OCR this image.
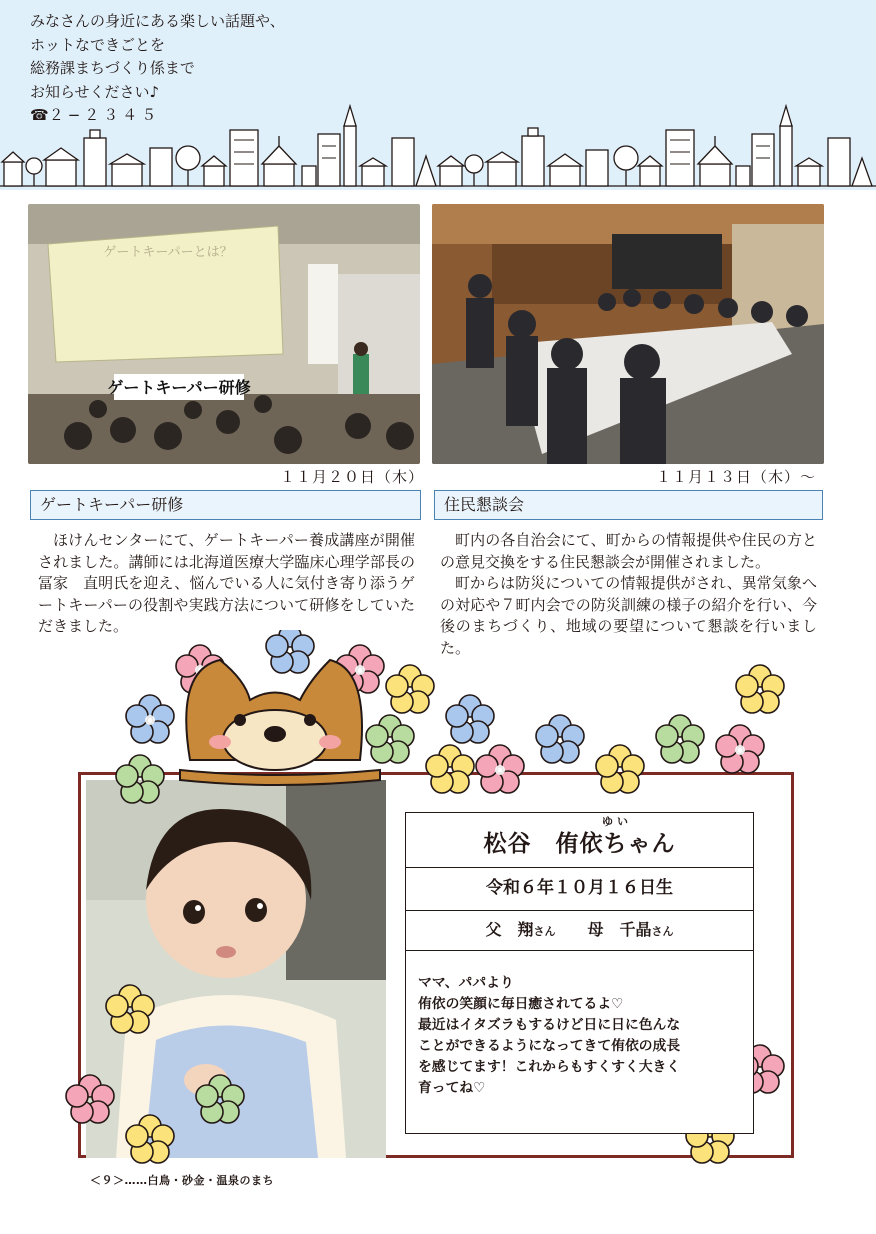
みなさんの身近にある楽しい話題や、
ホットなできごとを
総務課まちづくり係まで
お知らせください♪
☎２−２３４５
ゲートキーパー研修
ゲートキーパーとは？
１１月２０日（木）	１１月１３日（木）〜
ゲートキーパー研修	住民懇談会

ほけんセンターにて、ゲートキーパー養成講座が開催されました。講師には北海道医療大学臨床心理学部長の冨家　直明氏を迎え、悩んでいる人に気付き寄り添うゲートキーパーの役割や実践方法について研修をしていただきました。

町内の各自治会にて、町からの情報提供や住民の方との意見交換をする住民懇談会が開催されました。

町からは防災についての情報提供がされ、異常気象への対応や７町内会での防災訓練の様子の紹介を行い、今後のまちづくり、地域の要望について懇談を行いました。

ゆい
松谷　侑依ちゃん
令和６年１０月１６日生
父　 翔さん　　 母　 千晶さん
ママ、パパより
侑依の笑顔に毎日癒されてるよ♡
最近はイタズラもするけど日に日に色んな
ことができるようになってきて侑依の成長
を感じてます！これからもすくすく大きく
育ってね♡
＜９＞……白鳥・砂金・温泉のまち
